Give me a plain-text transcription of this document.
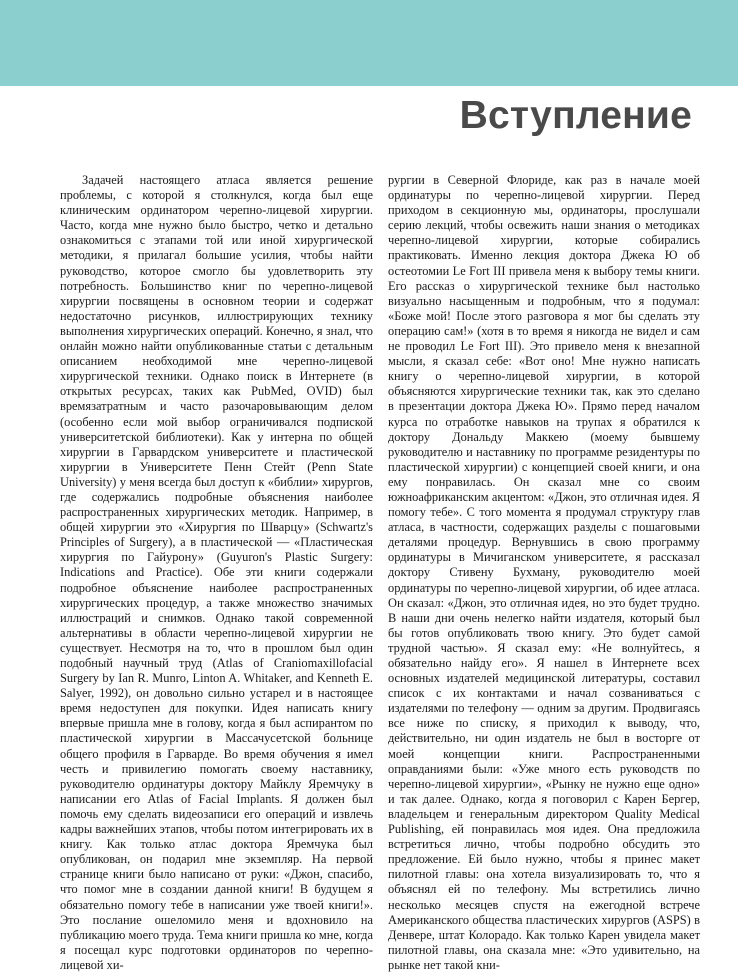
Вступление

Задачей настоящего атласа является решение проблемы, с которой я столкнулся, когда был еще клиническим ординатором черепно-лицевой хирургии. Часто, когда мне нужно было быстро, четко и детально ознакомиться с этапами той или иной хирургической методики, я прилагал большие усилия, чтобы найти руководство, которое смогло бы удовлетворить эту потребность. Большинство книг по черепно-лицевой хирургии посвящены в основном теории и содержат недостаточно рисунков, иллюстрирующих технику выполнения хирургических операций. Конечно, я знал, что онлайн можно найти опубликованные статьи с детальным описанием необходимой мне черепно-лицевой хирургической техники. Однако поиск в Интернете (в открытых ресурсах, таких как PubMed, OVID) был времязатратным и часто разочаровывающим делом (особенно если мой выбор ограничивался подпиской университетской библиотеки). Как у интерна по общей хирургии в Гарвардском университете и пластической хирургии в Университете Пенн Стейт (Penn State University) у меня всегда был доступ к «библии» хирургов, где содержались подробные объяснения наиболее распространенных хирургических методик. Например, в общей хирургии это «Хирургия по Шварцу» (Schwartz's Principles of Surgery), а в пластической — «Пластическая хирургия по Гайурону» (Guyuron's Plastic Surgery: Indications and Practice). Обе эти книги содержали подробное объяснение наиболее распространенных хирургических процедур, а также множество значимых иллюстраций и снимков. Однако такой современной альтернативы в области черепно-лицевой хирургии не существует. Несмотря на то, что в прошлом был один подобный научный труд (Atlas of Craniomaxillofacial Surgery by Ian R. Munro, Linton A. Whitaker, and Kenneth E. Salyer, 1992), он довольно сильно устарел и в настоящее время недоступен для покупки. Идея написать книгу впервые пришла мне в голову, когда я был аспирантом по пластической хирургии в Массачусетской больнице общего профиля в Гарварде. Во время обучения я имел честь и привилегию помогать своему наставнику, руководителю ординатуры доктору Майклу Яремчуку в написании его Atlas of Facial Implants. Я должен был помочь ему сделать видеозаписи его операций и извлечь кадры важнейших этапов, чтобы потом интегрировать их в книгу. Как только атлас доктора Яремчука был опубликован, он подарил мне экземпляр. На первой странице книги было написано от руки: «Джон, спасибо, что помог мне в создании данной книги! В будущем я обязательно помогу тебе в написании уже твоей книги!». Это послание ошеломило меня и вдохновило на публикацию моего труда. Тема книги пришла ко мне, когда я посещал курс подготовки ординаторов по черепно-лицевой хи-

рургии в Северной Флориде, как раз в начале моей ординатуры по черепно-лицевой хирургии. Перед приходом в секционную мы, ординаторы, прослушали серию лекций, чтобы освежить наши знания о методиках черепно-лицевой хирургии, которые собирались практиковать. Именно лекция доктора Джека Ю об остеотомии Le Fort III привела меня к выбору темы книги. Его рассказ о хирургической технике был настолько визуально насыщенным и подробным, что я подумал: «Боже мой! После этого разговора я мог бы сделать эту операцию сам!» (хотя в то время я никогда не видел и сам не проводил Le Fort III). Это привело меня к внезапной мысли, я сказал себе: «Вот оно! Мне нужно написать книгу о черепно-лицевой хирургии, в которой объясняются хирургические техники так, как это сделано в презентации доктора Джека Ю». Прямо перед началом курса по отработке навыков на трупах я обратился к доктору Дональду Маккею (моему бывшему руководителю и наставнику по программе резидентуры по пластической хирургии) с концепцией своей книги, и она ему понравилась. Он сказал мне со своим южноафриканским акцентом: «Джон, это отличная идея. Я помогу тебе». С того момента я продумал структуру глав атласа, в частности, содержащих разделы с пошаговыми деталями процедур. Вернувшись в свою программу ординатуры в Мичиганском университете, я рассказал доктору Стивену Бухману, руководителю моей ординатуры по черепно-лицевой хирургии, об идее атласа. Он сказал: «Джон, это отличная идея, но это будет трудно. В наши дни очень нелегко найти издателя, который был бы готов опубликовать твою книгу. Это будет самой трудной частью». Я сказал ему: «Не волнуйтесь, я обязательно найду его». Я нашел в Интернете всех основных издателей медицинской литературы, составил список с их контактами и начал созваниваться с издателями по телефону — одним за другим. Продвигаясь все ниже по списку, я приходил к выводу, что, действительно, ни один издатель не был в восторге от моей концепции книги. Распространенными оправданиями были: «Уже много есть руководств по черепно-лицевой хирургии», «Рынку не нужно еще одно» и так далее. Однако, когда я поговорил с Карен Бергер, владельцем и генеральным директором Quality Medical Publishing, ей понравилась моя идея. Она предложила встретиться лично, чтобы подробно обсудить это предложение. Ей было нужно, чтобы я принес макет пилотной главы: она хотела визуализировать то, что я объяснял ей по телефону. Мы встретились лично несколько месяцев спустя на ежегодной встрече Американского общества пластических хирургов (ASPS) в Денвере, штат Колорадо. Как только Карен увидела макет пилотной главы, она сказала мне: «Это удивительно, на рынке нет такой кни-
